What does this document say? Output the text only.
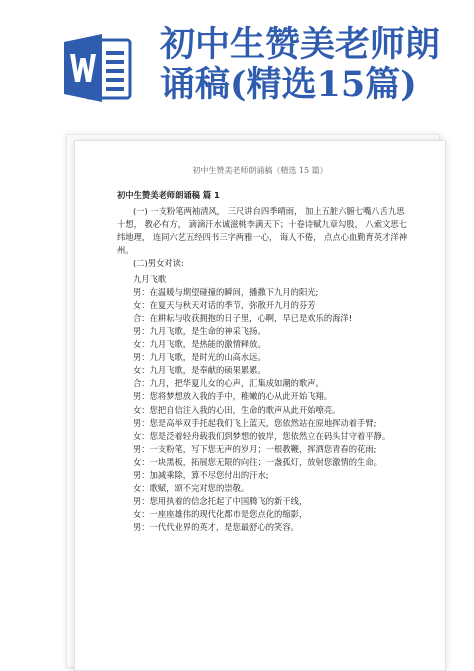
初中生赞美老师朗
诵稿(精选15篇)
初中生赞美老师朗诵稿（精选 15 篇）

初中生赞美老师朗诵稿 篇 1

(一) 一支粉笔两袖清风， 三尺讲台四季晴雨， 加上五脏六腑七嘴八舌九思十想， 教必有方， 滴滴汗水诚滋桃李满天下；十卷诗赋九章勾股， 八索文思七纬地理， 连同六艺五经四书三字两雅一心， 诲人不倦， 点点心血勤育英才洋神州。

(二)男女对读:

九月飞歌

男：在温暖与期望碰撞的瞬间，播撒下九月的阳光;

女：在夏天与秋天对话的季节，弥散开九月的芬芳

合：在耕耘与收获拥抱的日子里，心啊，早已是欢乐的海洋!

男：九月飞歌，是生命的神采飞扬。

女：九月飞歌，是热能的激情释放。

男：九月飞歌，是时光的山高水远。

女：九月飞歌，是奉献的硕果累累。

合：九月，把华夏儿女的心声，汇集成如潮的歌声。

男：您将梦想放入我的手中，稚嫩的心从此开始飞翔。

女：您把自信注入我的心田，生命的歌声从此开始嘹亮。

男：您是高举双手托起我们飞上蓝天，您依然站在原地挥动着手臂;

女：您是泛着轻舟载我们到梦想的彼岸，您依然立在码头甘守着平静。

男：一支粉笔，写下您无声的岁月；一根教鞭，挥洒您青春的花雨;

女：一块黑板，拓展您无限的向往；一盏孤灯，放射您激情的生命。

男：加减乘除，算不尽您付出的汗水;

女：歌赋，颂不完对您的崇敬。

男：您用执着的信念托起了中国腾飞的新干线，

女：一座座雄伟的现代化都市是您点化的缩影，

男：一代代业界的英才，是您最舒心的笑容。
